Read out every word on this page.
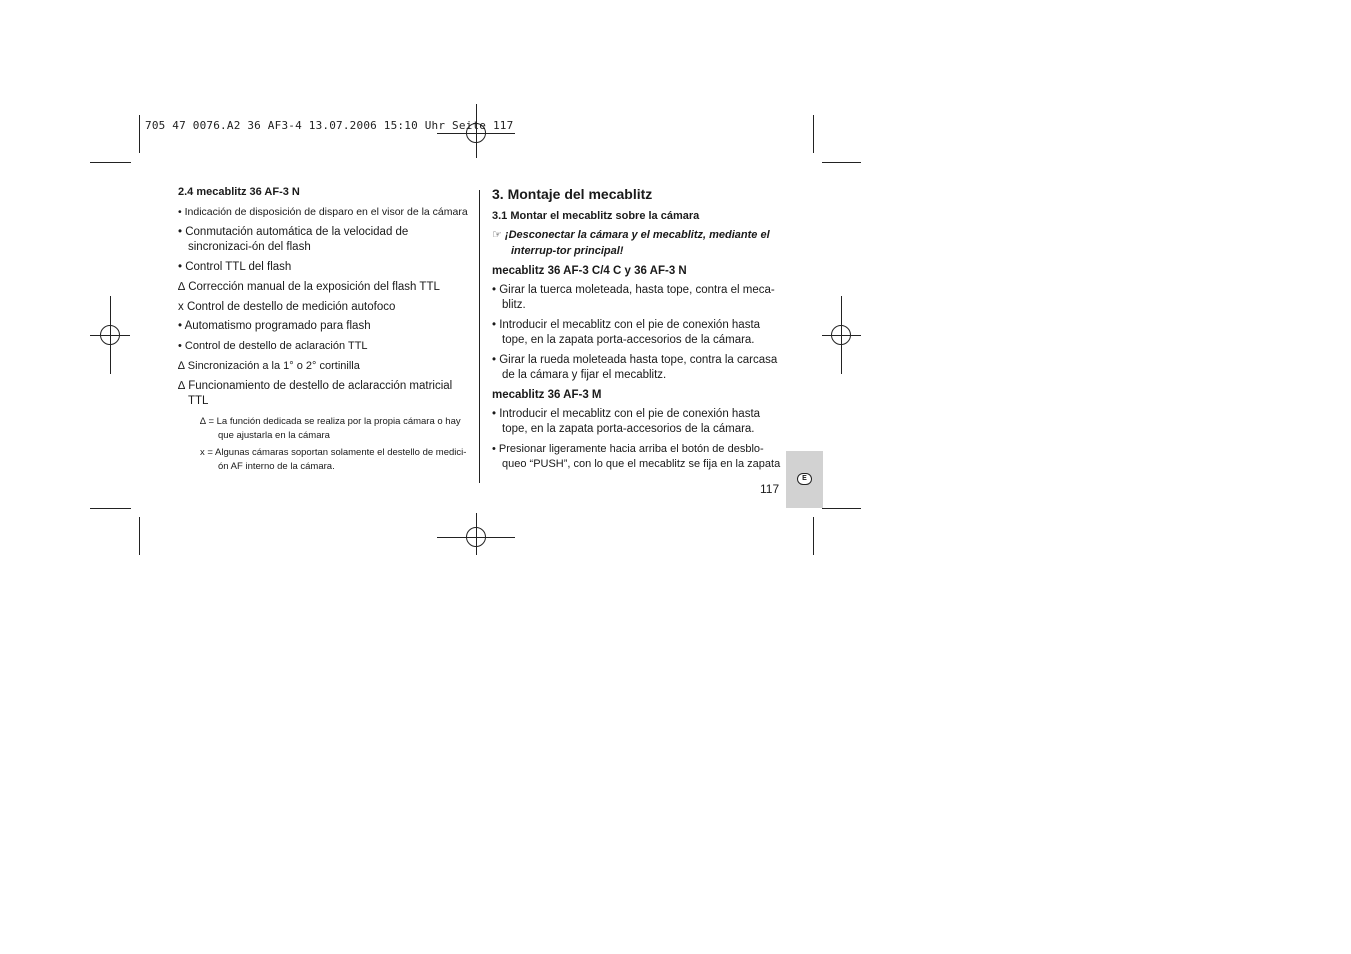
705 47 0076.A2 36 AF3-4 13.07.2006 15:10 Uhr Seite 117

2.4 mecablitz 36 AF-3 N

• Indicación de disposición de disparo en el visor de la cámara

• Conmutación automática de la velocidad de sincronizaci-ón del flash

• Control TTL del flash

∆ Corrección manual de la exposición del flash TTL

x Control de destello de medición autofoco

• Automatismo programado para flash

• Control de destello de aclaración TTL

∆ Sincronización a la 1° o 2° cortinilla

∆ Funcionamiento de destello de aclaracción matricial TTL

∆ = La función dedicada se realiza por la propia cámara o hay que ajustarla en la cámara

x = Algunas cámaras soportan solamente el destello de medici-ón AF interno de la cámara.

3. Montaje del mecablitz

3.1 Montar el mecablitz sobre la cámara

☞ ¡Desconectar la cámara y el mecablitz, mediante el interrup-tor principal!

mecablitz 36 AF-3 C/4 C y 36 AF-3 N

• Girar la tuerca moleteada, hasta tope, contra el meca-blitz.

• Introducir el mecablitz con el pie de conexión hasta tope, en la zapata porta-accesorios de la cámara.

• Girar la rueda moleteada hasta tope, contra la carcasa de la cámara y fijar el mecablitz.

mecablitz 36 AF-3 M

• Introducir el mecablitz con el pie de conexión hasta tope, en la zapata porta-accesorios de la cámara.

• Presionar ligeramente hacia arriba el botón de desblo-queo “PUSH”, con lo que el mecablitz se fija en la zapata

117
E
